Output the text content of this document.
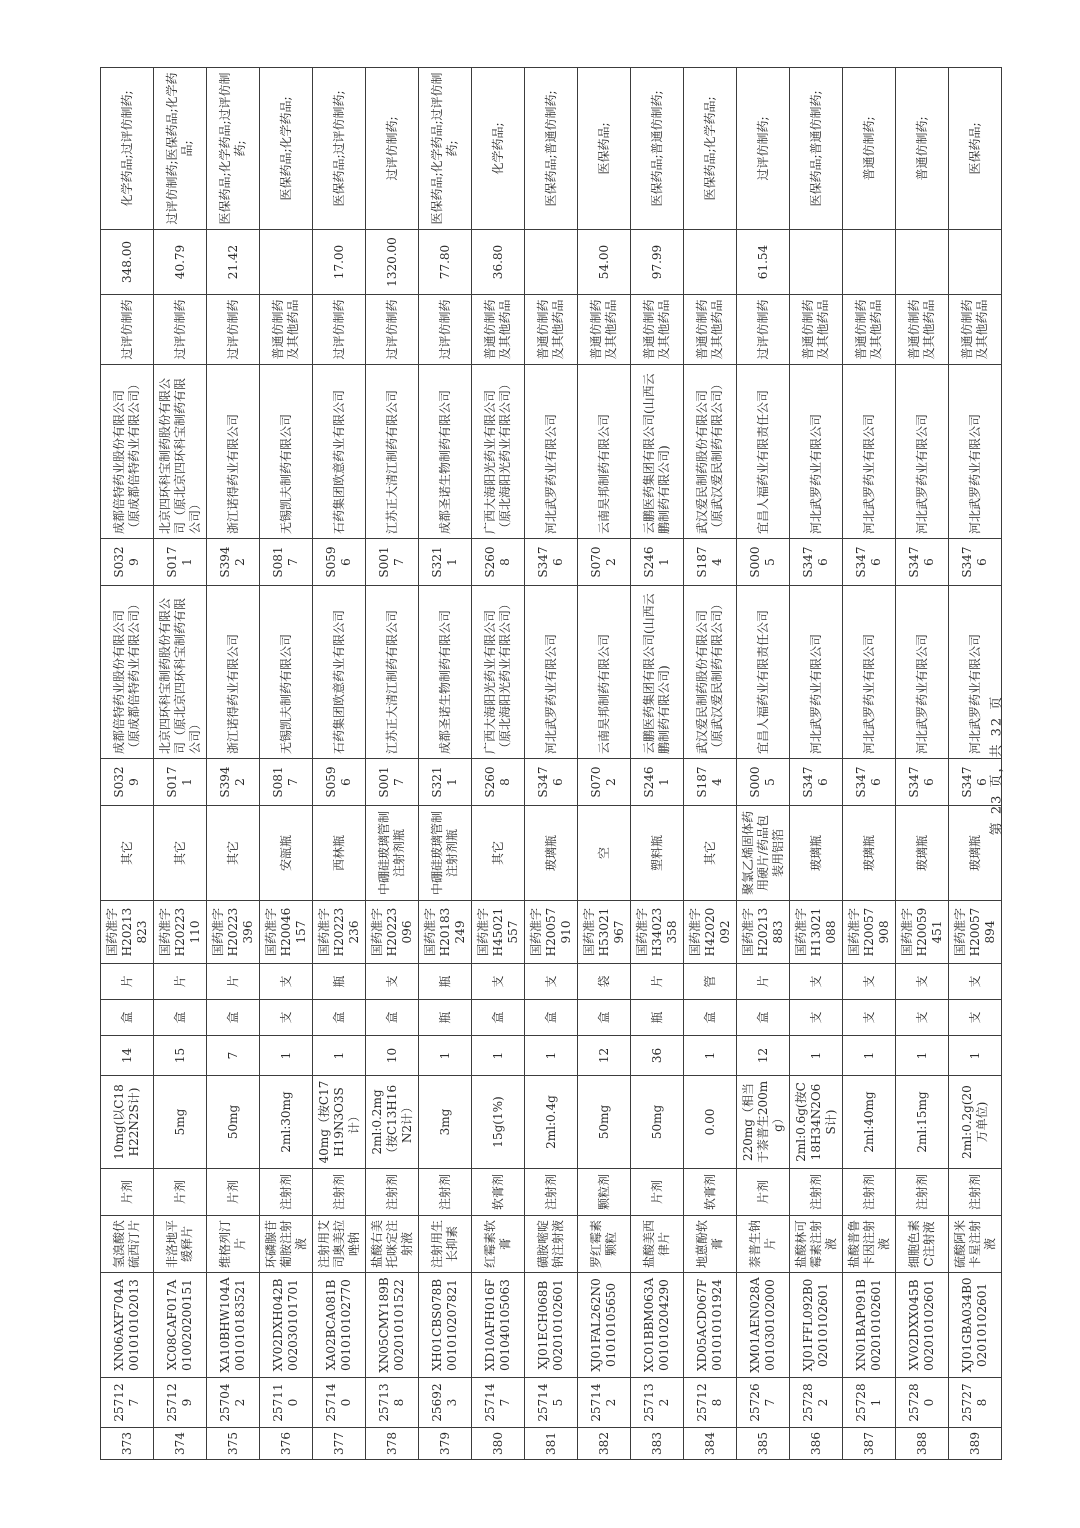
373	257127	XN06AXF704A001010102013	氢溴酸伏硫西汀片	片剂	10mg(以C18H22N2S计)	14	盒	片	国药准字H20213823	其它	S0329	成都倍特药业股份有限公司（原成都倍特药业有限公司）	S0329	成都倍特药业股份有限公司（原成都倍特药业有限公司）	过评仿制药	348.00	化学药品;过评仿制药;
374	257129	XC08CAF017A010020200151	非洛地平缓释片	片剂	5mg	15	盒	片	国药准字H20223110	其它	S0171	北京四环科宝制药股份有限公司（原北京四环科宝制药有限公司）	S0171	北京四环科宝制药股份有限公司（原北京四环科宝制药有限公司）	过评仿制药	40.79	过评仿制药;医保药品;化学药品;
375	257042	XA10BHW104A001010183521	维格列汀片	片剂	50mg	7	盒	片	国药准字H20223396	其它	S3942	浙江诺得药业有限公司	S3942	浙江诺得药业有限公司	过评仿制药	21.42	医保药品;化学药品;过评仿制药;
376	257110	XV02DXH042B002030101701	环磷腺苷葡胺注射液	注射剂	2ml:30mg	1	支	支	国药准字H20046157	安瓿瓶	S0817	无锡凯夫制药有限公司	S0817	无锡凯夫制药有限公司	普通仿制药及其他药品		医保药品;化学药品;
377	257140	XA02BCA081B001010102770	注射用艾司奥美拉唑钠	注射剂	40mg（按C17H19N3O3S计）	1	盒	瓶	国药准字H20223236	西林瓶	S0596	石药集团欧意药业有限公司	S0596	石药集团欧意药业有限公司	过评仿制药	17.00	医保药品;过评仿制药;
378	257138	XN05CMY189B002010101522	盐酸右美托咪定注射液	注射剂	2ml:0.2mg（按C13H16N2计）	10	盒	支	国药准字H20223096	中硼硅玻璃管制注射剂瓶	S0017	江苏正大清江制药有限公司	S0017	江苏正大清江制药有限公司	过评仿制药	1320.00	过评仿制药;
379	256923	XH01CBS078B001010207821	注射用生长抑素	注射剂	3mg	1	瓶	瓶	国药准字H20183249	中硼硅玻璃管制注射剂瓶	S3211	成都圣诺生物制药有限公司	S3211	成都圣诺生物制药有限公司	过评仿制药	77.80	医保药品;化学药品;过评仿制药;
380	257147	XD10AFH016F001040105063	红霉素软膏	软膏剂	15g(1%)	1	盒	支	国药准字H45021557	其它	S2608	广西大海阳光药业有限公司（原北海阳光药业有限公司）	S2608	广西大海阳光药业有限公司（原北海阳光药业有限公司）	普通仿制药及其他药品	36.80	化学药品;
381	257145	XJ01ECH068B002010102601	磺胺嘧啶钠注射液	注射剂	2ml:0.4g	1	盒	支	国药准字H20057910	玻璃瓶	S3476	河北武罗药业有限公司	S3476	河北武罗药业有限公司	普通仿制药及其他药品		医保药品;普通仿制药;
382	257142	XJ01FAL262N001010105650	罗红霉素颗粒	颗粒剂	50mg	12	盒	袋	国药准字H53021967	空	S0702	云南昊邦制药有限公司	S0702	云南昊邦制药有限公司	普通仿制药及其他药品	54.00	医保药品;
383	257132	XC01BBM063A001010204290	盐酸美西律片	片剂	50mg	36	瓶	片	国药准字H34023358	塑料瓶	S2461	云鹏医药集团有限公司(山西云鹏制药有限公司)	S2461	云鹏医药集团有限公司(山西云鹏制药有限公司)	普通仿制药及其他药品	97.99	医保药品;普通仿制药;
384	257128	XD05ACD067F001010101924	地蒽酚软膏	软膏剂	0.00	1	盒	管	国药准字H42020092	其它	S1874	武汉爱民制药股份有限公司（原武汉爱民制药有限公司）	S1874	武汉爱民制药股份有限公司（原武汉爱民制药有限公司）	普通仿制药及其他药品		医保药品;化学药品;
385	257267	XM01AEN028A001030102000	萘普生钠片	片剂	220mg（相当于萘普生200mg）	12	盒	片	国药准字H20213883	聚氯乙烯固体药用硬片/药品包装用铝箔	S0005	宜昌人福药业有限责任公司	S0005	宜昌人福药业有限责任公司	过评仿制药	61.54	过评仿制药;
386	257282	XJ01FFL092B002010102601	盐酸林可霉素注射液	注射剂	2ml:0.6g(按C18H34N2O6S计)	1	支	支	国药准字H13021088	玻璃瓶	S3476	河北武罗药业有限公司	S3476	河北武罗药业有限公司	普通仿制药及其他药品		医保药品;普通仿制药;
387	257281	XN01BAP091B002010102601	盐酸普鲁卡因注射液	注射剂	2ml:40mg	1	支	支	国药准字H20057908	玻璃瓶	S3476	河北武罗药业有限公司	S3476	河北武罗药业有限公司	普通仿制药及其他药品		普通仿制药;
388	257280	XV02DXX045B002010102601	细胞色素C注射液	注射剂	2ml:15mg	1	支	支	国药准字H20059451	玻璃瓶	S3476	河北武罗药业有限公司	S3476	河北武罗药业有限公司	普通仿制药及其他药品		普通仿制药;
389	257278	XJ01GBA034B002010102601	硫酸阿米卡星注射液	注射剂	2ml:0.2g(20万单位)	1	支	支	国药准字H20057894	玻璃瓶	S3476	河北武罗药业有限公司	S3476	河北武罗药业有限公司	普通仿制药及其他药品		医保药品;
第 23 页，共 32 页
